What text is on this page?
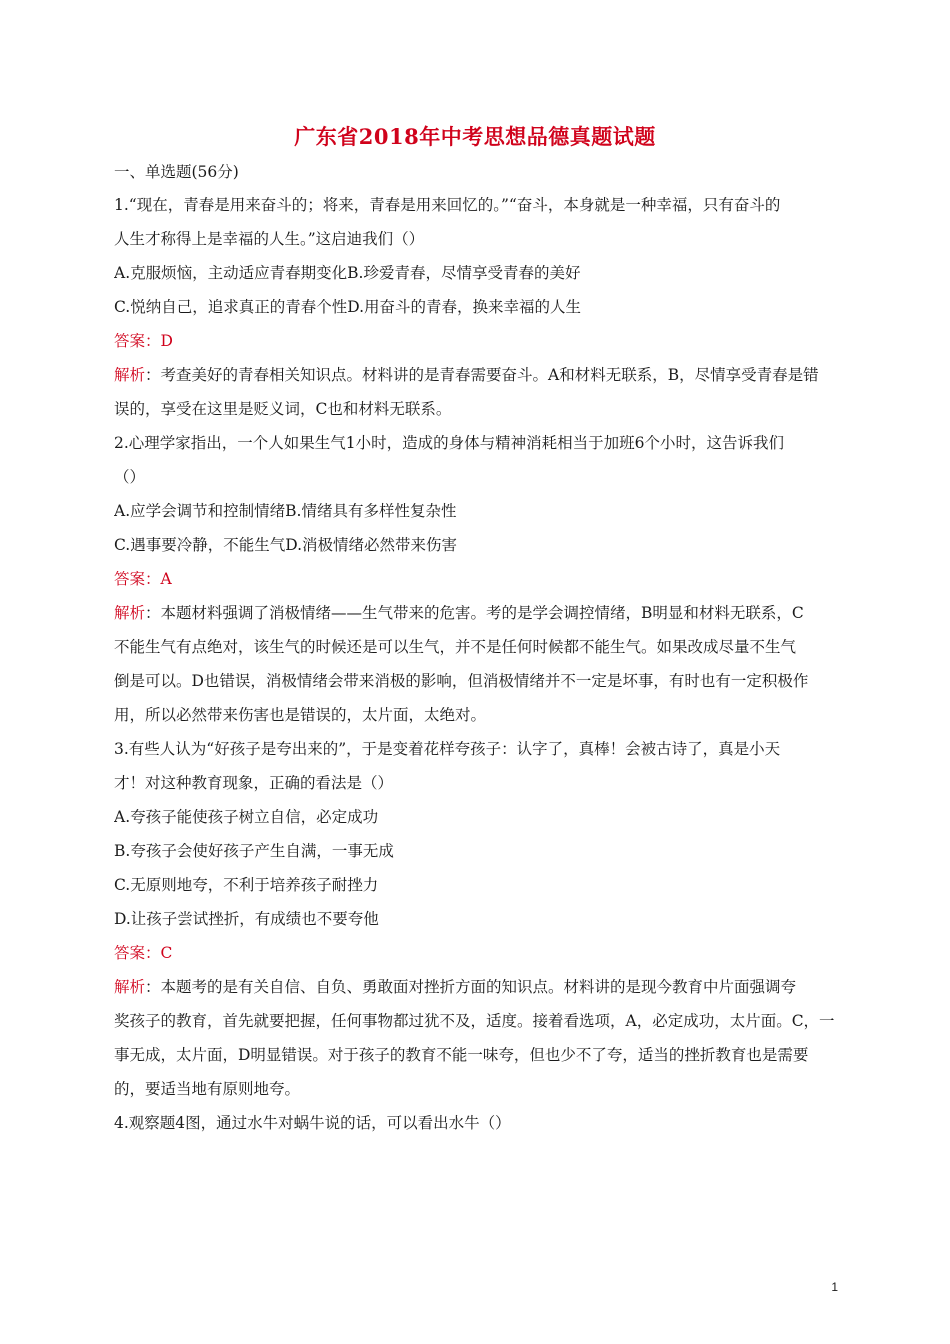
广东省2018年中考思想品德真题试题
一、单选题(56分)
1.“现在，青春是用来奋斗的；将来，青春是用来回忆的。”“奋斗，本身就是一种幸福，只有奋斗的
人生才称得上是幸福的人生。”这启迪我们（）
A.克服烦恼，主动适应青春期变化B.珍爱青春，尽情享受青春的美好
C.悦纳自己，追求真正的青春个性D.用奋斗的青春，换来幸福的人生
答案：D
解析：考查美好的青春相关知识点。材料讲的是青春需要奋斗。A和材料无联系，B，尽情享受青春是错
误的，享受在这里是贬义词，C也和材料无联系。
2.心理学家指出，一个人如果生气1小时，造成的身体与精神消耗相当于加班6个小时，这告诉我们
（）
A.应学会调节和控制情绪B.情绪具有多样性复杂性
C.遇事要冷静，不能生气D.消极情绪必然带来伤害
答案：A
解析：本题材料强调了消极情绪——生气带来的危害。考的是学会调控情绪，B明显和材料无联系，C
不能生气有点绝对，该生气的时候还是可以生气，并不是任何时候都不能生气。如果改成尽量不生气
倒是可以。D也错误，消极情绪会带来消极的影响，但消极情绪并不一定是坏事，有时也有一定积极作
用，所以必然带来伤害也是错误的，太片面，太绝对。
3.有些人认为“好孩子是夸出来的”，于是变着花样夸孩子：认字了，真棒！会被古诗了，真是小天
才！对这种教育现象，正确的看法是（）
A.夸孩子能使孩子树立自信，必定成功
B.夸孩子会使好孩子产生自满，一事无成
C.无原则地夸，不利于培养孩子耐挫力
D.让孩子尝试挫折，有成绩也不要夸他
答案：C
解析：本题考的是有关自信、自负、勇敢面对挫折方面的知识点。材料讲的是现今教育中片面强调夸
奖孩子的教育，首先就要把握，任何事物都过犹不及，适度。接着看选项，A，必定成功，太片面。C，一
事无成，太片面，D明显错误。对于孩子的教育不能一味夸，但也少不了夸，适当的挫折教育也是需要
的，要适当地有原则地夸。
4.观察题4图，通过水牛对蜗牛说的话，可以看出水牛（）
1
